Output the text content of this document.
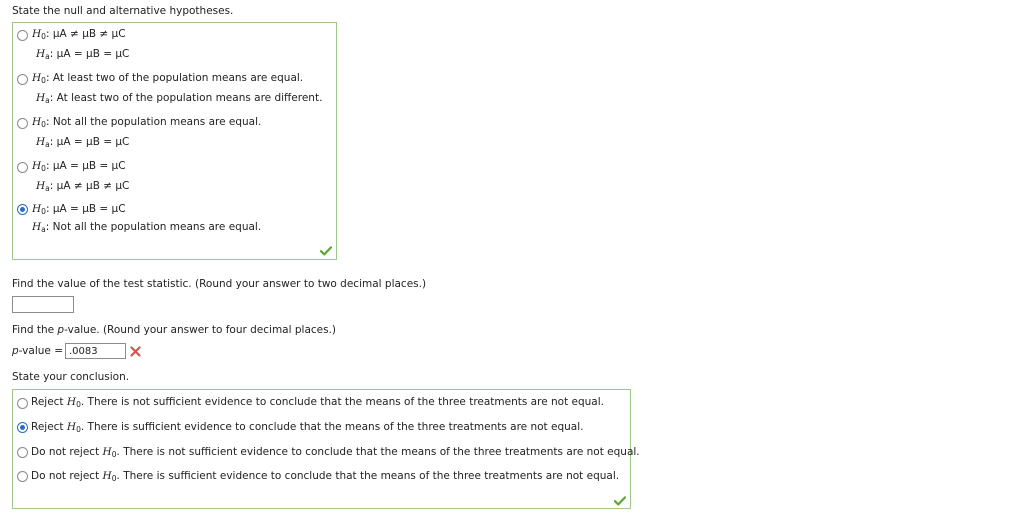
State the null and alternative hypotheses.
$H_0$: μA ≠ μB ≠ μC
$H_a$: μA = μB = μC
$H_0$: At least two of the population means are equal.
$H_a$: At least two of the population means are different.
$H_0$: Not all the population means are equal.
$H_a$: μA = μB = μC
$H_0$: μA = μB = μC
$H_a$: μA ≠ μB ≠ μC
$H_0$: μA = μB = μC
$H_a$: Not all the population means are equal.
Find the value of the test statistic. (Round your answer to two decimal places.)
Find the p-value. (Round your answer to four decimal places.)
p-value =
.0083
State your conclusion.
Reject $H_0$. There is not sufficient evidence to conclude that the means of the three treatments are not equal.
Reject $H_0$. There is sufficient evidence to conclude that the means of the three treatments are not equal.
Do not reject $H_0$. There is not sufficient evidence to conclude that the means of the three treatments are not equal.
Do not reject $H_0$. There is sufficient evidence to conclude that the means of the three treatments are not equal.
